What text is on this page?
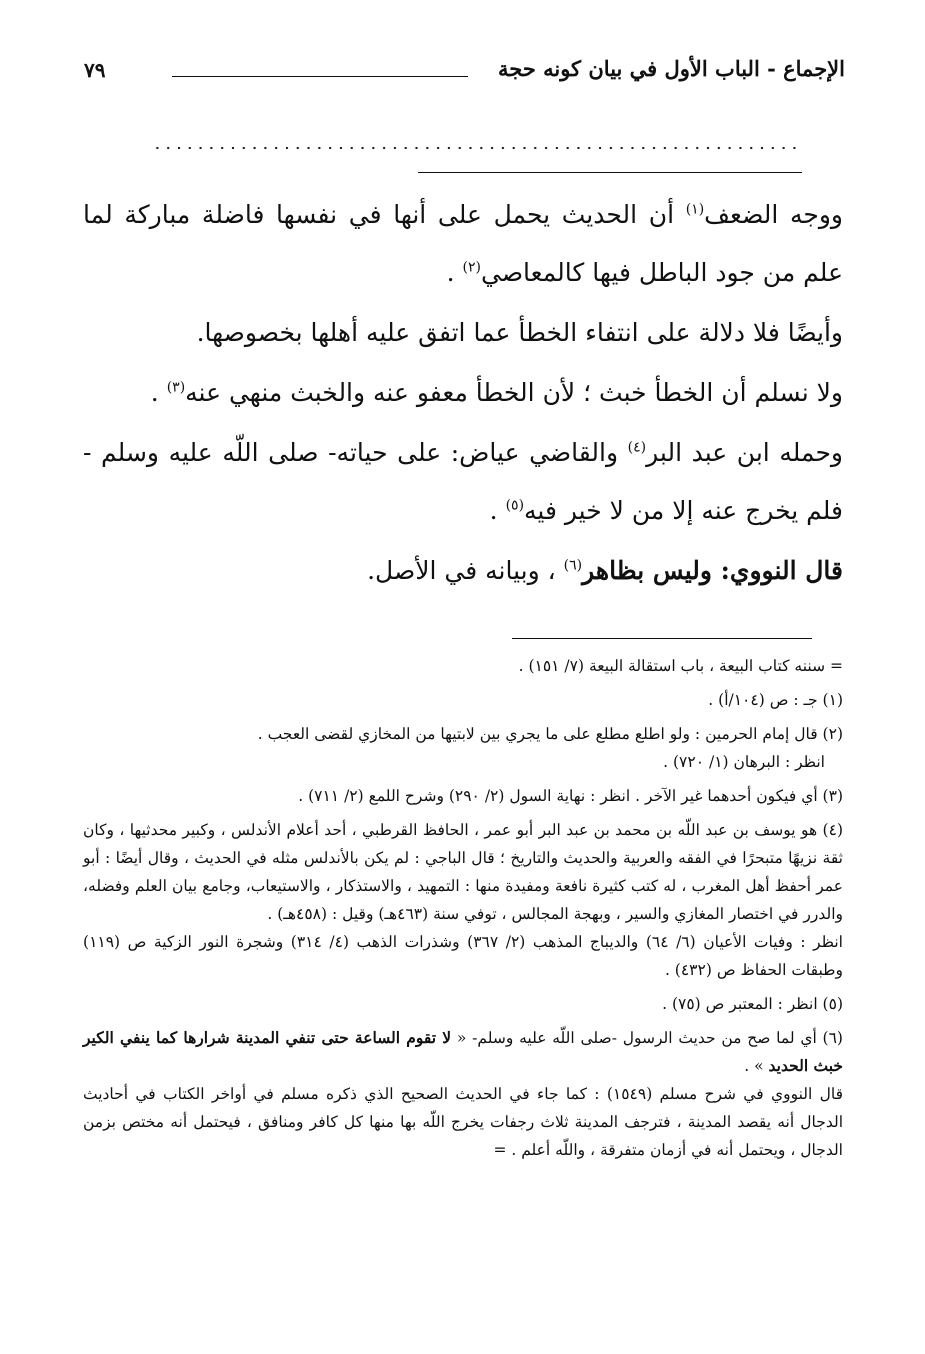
الإجماع - الباب الأول في بيان كونه حجة
٧٩

ووجه الضعف$^{(١)}$ أن الحديث يحمل على أنها في نفسها فاضلة مباركة لما علم من جود الباطل فيها كالمعاصي$^{(٢)}$ .

وأيضًا فلا دلالة على انتفاء الخطأ عما اتفق عليه أهلها بخصوصها.

ولا نسلم أن الخطأ خبث ؛ لأن الخطأ معفو عنه والخبث منهي عنه$^{(٣)}$ .

وحمله ابن عبد البر$^{(٤)}$ والقاضي عياض: على حياته- صلى اللّه عليه وسلم - فلم يخرج عنه إلا من لا خير فيه$^{(٥)}$ .

قال النووي: وليس بظاهر$^{(٦)}$ ، وبيانه في الأصل.

= سننه كتاب البيعة ، باب استقالة البيعة (٧/ ١٥١) .

(١) جـ : ص (١٠٤/أ) .

(٢) قال إمام الحرمين : ولو اطلع مطلع على ما يجري بين لابتيها من المخازي لقضى العجب .

انظر : البرهان (١/ ٧٢٠) .

(٣) أي فيكون أحدهما غير الآخر . انظر : نهاية السول (٢/ ٢٩٠) وشرح اللمع (٢/ ٧١١) .

(٤) هو يوسف بن عبد اللّه بن محمد بن عبد البر أبو عمر ، الحافظ القرطبي ، أحد أعلام الأندلس ، وكبير محدثيها ، وكان ثقة نزيهًا متبحرًا في الفقه والعربية والحديث والتاريخ ؛ قال الباجي : لم يكن بالأندلس مثله في الحديث ، وقال أيضًا : أبو عمر أحفظ أهل المغرب ، له كتب كثيرة نافعة ومفيدة منها : التمهيد ، والاستذكار ، والاستيعاب، وجامع بيان العلم وفضله، والدرر في اختصار المغازي والسير ، وبهجة المجالس ، توفي سنة (٤٦٣هـ) وقيل : (٤٥٨هـ) .

انظر : وفيات الأعيان (٦/ ٦٤) والديباج المذهب (٢/ ٣٦٧) وشذرات الذهب (٤/ ٣١٤) وشجرة النور الزكية ص (١١٩) وطبقات الحفاظ ص (٤٣٢) .

(٥) انظر : المعتبر ص (٧٥) .

(٦) أي لما صح من حديث الرسول -صلى اللّه عليه وسلم- « لا تقوم الساعة حتى تنفي المدينة شرارها كما ينفي الكير خبث الحديد » .

قال النووي في شرح مسلم (١٥٤٩) : كما جاء في الحديث الصحيح الذي ذكره مسلم في أواخر الكتاب في أحاديث الدجال أنه يقصد المدينة ، فترجف المدينة ثلاث رجفات يخرج اللّه بها منها كل كافر ومنافق ، فيحتمل أنه مختص بزمن الدجال ، ويحتمل أنه في أزمان متفرقة ، واللّه أعلم . =
